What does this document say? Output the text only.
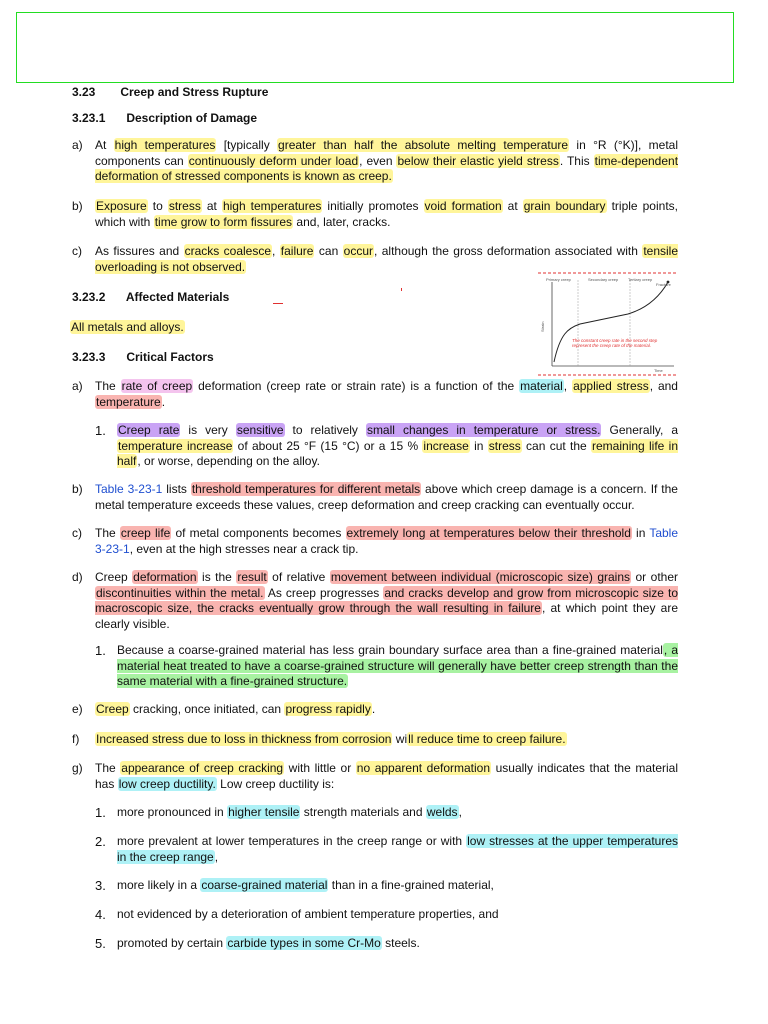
3.23 Creep and Stress Rupture
3.23.1 Description of Damage
a) At high temperatures [typically greater than half the absolute melting temperature in °R (°K)], metal components can continuously deform under load, even below their elastic yield stress. This time-dependent deformation of stressed components is known as creep.
b) Exposure to stress at high temperatures initially promotes void formation at grain boundary triple points, which with time grow to form fissures and, later, cracks.
c) As fissures and cracks coalesce, failure can occur, although the gross deformation associated with tensile overloading is not observed.
3.23.2 Affected Materials
All metals and alloys.
Primary creep	Secondary creep Tertiary creep
Fracture
Strain
Time
The constant creep rate in the second step represent the creep rate of the material.
3.23.3 Critical Factors
a) The rate of creep deformation (creep rate or strain rate) is a function of the material, applied stress, and temperature.
1. Creep rate is very sensitive to relatively small changes in temperature or stress. Generally, a temperature increase of about 25 °F (15 °C) or a 15 % increase in stress can cut the remaining life in half, or worse, depending on the alloy.
b) Table 3-23-1 lists threshold temperatures for different metals above which creep damage is a concern. If the metal temperature exceeds these values, creep deformation and creep cracking can eventually occur.
c) The creep life of metal components becomes extremely long at temperatures below their threshold in Table 3-23-1, even at the high stresses near a crack tip.
d) Creep deformation is the result of relative movement between individual (microscopic size) grains or other discontinuities within the metal. As creep progresses and cracks develop and grow from microscopic size to macroscopic size, the cracks eventually grow through the wall resulting in failure, at which point they are clearly visible.
1. Because a coarse-grained material has less grain boundary surface area than a fine-grained material, a material heat treated to have a coarse-grained structure will generally have better creep strength than the same material with a fine-grained structure.
e) Creep cracking, once initiated, can progress rapidly.
f) Increased stress due to loss in thickness from corrosion will reduce time to creep failure.
g) The appearance of creep cracking with little or no apparent deformation usually indicates that the material has low creep ductility. Low creep ductility is:
1. more pronounced in higher tensile strength materials and welds,
2. more prevalent at lower temperatures in the creep range or with low stresses at the upper temperatures in the creep range,
3. more likely in a coarse-grained material than in a fine-grained material,
4. not evidenced by a deterioration of ambient temperature properties, and
5. promoted by certain carbide types in some Cr-Mo steels.
